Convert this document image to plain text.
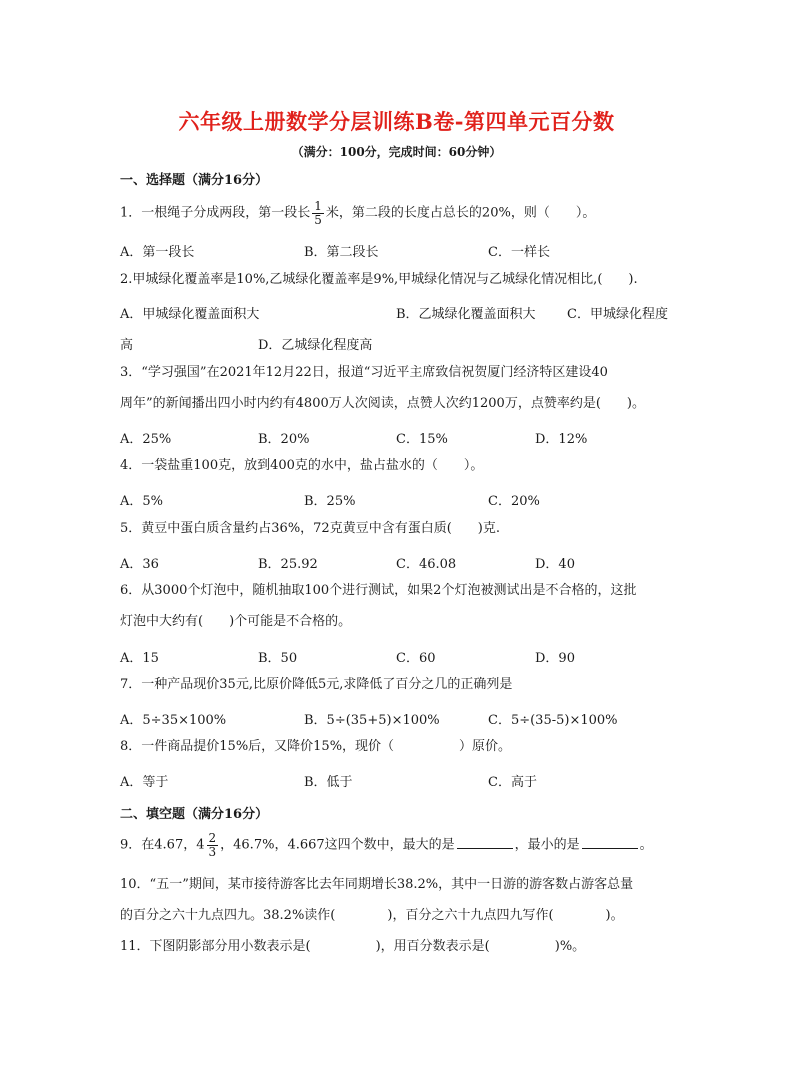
六年级上册数学分层训练B卷-第四单元百分数
（满分：100分，完成时间：60分钟）
一、选择题（满分16分）
1．一根绳子分成两段，第一段长 $\frac{1}{5}$ 米，第二段的长度占总长的20%，则（　　）。
A．第一段长	B．第二段长	C．一样长
2.甲城绿化覆盖率是10%,乙城绿化覆盖率是9%,甲城绿化情况与乙城绿化情况相比,(　　).
A．甲城绿化覆盖面积大	B．乙城绿化覆盖面积大 C．甲城绿化程度
高	D．乙城绿化程度高
3．“学习强国”在2021年12月22日，报道“习近平主席致信祝贺厦门经济特区建设40
周年”的新闻播出四小时内约有4800万人次阅读，点赞人次约1200万，点赞率约是(　　)。
A．25%	B．20%	C．15%	D．12%
4．一袋盐重100克，放到400克的水中，盐占盐水的（　　）。
A．5%	B．25%	C．20%
5．黄豆中蛋白质含量约占36%，72克黄豆中含有蛋白质(　　)克.
A．36	B．25.92	C．46.08	D．40
6．从3000个灯泡中，随机抽取100个进行测试，如果2个灯泡被测试出是不合格的，这批
灯泡中大约有(　　)个可能是不合格的。
A．15	B．50	C．60	D．90
7．一种产品现价35元,比原价降低5元,求降低了百分之几的正确列是
A．5÷35×100%	B．5÷(35+5)×100%	C．5÷(35-5)×100%
8．一件商品提价15%后，又降价15%，现价（　　　　　）原价。
A．等于	B．低于	C．高于
二、填空题（满分16分）
9．在4.67，$4 \frac{2}{3}$ ，46.7%，4.667这四个数中，最大的是	，最小的是	。
10．“五一”期间，某市接待游客比去年同期增长38.2%，其中一日游的游客数占游客总量
的百分之六十九点四九。38.2%读作(　　　　)，百分之六十九点四九写作(　　　　)。
11．下图阴影部分用小数表示是(　　　　　)，用百分数表示是(　　　　　)%。
